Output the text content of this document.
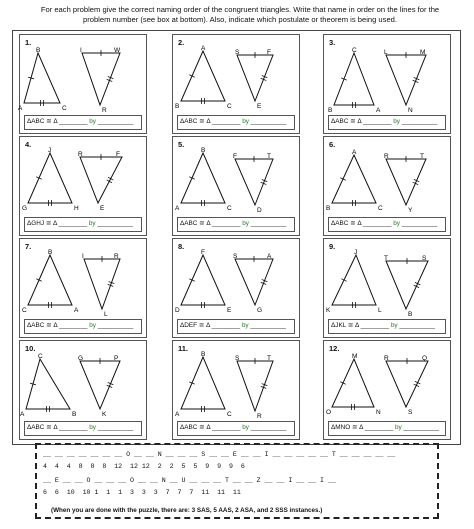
For each problem give the correct naming order of the congruent triangles. Write that name in order on the lines for the problem number (see box at bottom). Also, indicate which postulate or theorem is being used.
1.
B
A	C
I	W
R
ΔABC ≅ Δ ________ by __________
2.
A
B	C
S	F
E
ΔABC ≅ Δ ________ by __________
3.
C
B	A
L	M
N
ΔABC ≅ Δ ________ by __________
4.
J
G	H
R	F
E
ΔGHJ ≅ Δ ________ by __________
5.
B
A	C
F	T
D
ΔABC ≅ Δ ________ by __________
6.
A
B	C
R	T
Y
ΔABC ≅ Δ ________ by __________
7.
B
C	A
I	R
L
ΔABC ≅ Δ ________ by __________
8.
F
D	E
S	A
G
ΔDEF ≅ Δ ________ by __________
9.
J
K	L
T	S
B
ΔJKL ≅ Δ ________ by __________
10.
C
A	B
G	P
K
ΔABC ≅ Δ ________ by __________
11.
B
A	C
S	T
R
ΔABC ≅ Δ ________ by __________
12.
M
O	N
R	Q
S
ΔMNO ≅ Δ ________ by __________
__ __ __ __ __ __ __ O __ __ N __ __ __ S __ __ E __ __ I __ __ __ __ __ T __ __ __ __ __
4  4  4  8  8  8  12  12 12  2  2  5  5  9  9  9  6
__ E __ __ O __ __ __ O __ __ N __ U __ __ __ T __ __ Z __ __ I __ __ I __
6  6  10  10 1  1  1  3  3  3  7  7  7  11  11  11
(When you are done with the puzzle, there are: 3 SAS, 5 AAS, 2 ASA, and 2 SSS instances.)
